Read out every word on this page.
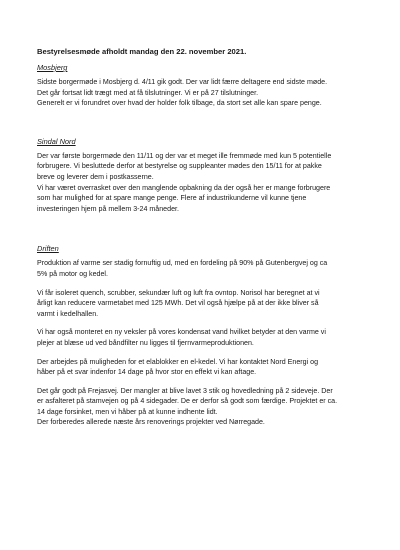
Bestyrelsesmøde afholdt mandag den 22. november 2021.
Mosbjerg
Sidste borgermøde i Mosbjerg d. 4/11 gik godt. Der var lidt færre deltagere end sidste møde.
Det går fortsat lidt trægt med at få tilslutninger. Vi er på 27 tilslutninger.
Generelt er vi forundret over hvad der holder folk tilbage, da stort set alle kan spare penge.
Sindal Nord
Der var første borgermøde den 11/11 og der var et meget ille fremmøde med kun 5 potentielle
forbrugere. Vi besluttede derfor at bestyrelse og suppleanter mødes den 15/11 for at pakke
breve og leverer dem i postkasserne.
Vi har været overrasket over den manglende opbakning da der også her er mange forbrugere
som har mulighed for at spare mange penge. Flere af industrikunderne vil kunne tjene
investeringen hjem på mellem 3-24 måneder.
Driften
Produktion af varme ser stadig fornuftig ud, med en fordeling på 90% på Gutenbergvej og ca
5% på motor og kedel.
Vi får isoleret quench, scrubber, sekundær luft og luft fra ovntop. Norisol har beregnet at vi
årligt kan reducere varmetabet med 125 MWh. Det vil også hjælpe på at der ikke bliver så
varmt i kedelhallen.
Vi har også monteret en ny veksler på vores kondensat vand hvilket betyder at den varme vi
plejer at blæse ud ved båndfilter nu ligges til fjernvarmeproduktionen.
Der arbejdes på muligheden for et elablokker en el-kedel. Vi har kontaktet Nord Energi og
håber på et svar indenfor 14 dage på hvor stor en effekt vi kan aftage.
Det går godt på Frejasvej. Der mangler at blive lavet 3 stik og hovedledning på 2 sideveje. Der
er asfalteret på stamvejen og på 4 sidegader. De er derfor så godt som færdige. Projektet er ca.
14 dage forsinket, men vi håber på at kunne indhente lidt.
Der forberedes allerede næste års renoverings projekter ved Nørregade.
